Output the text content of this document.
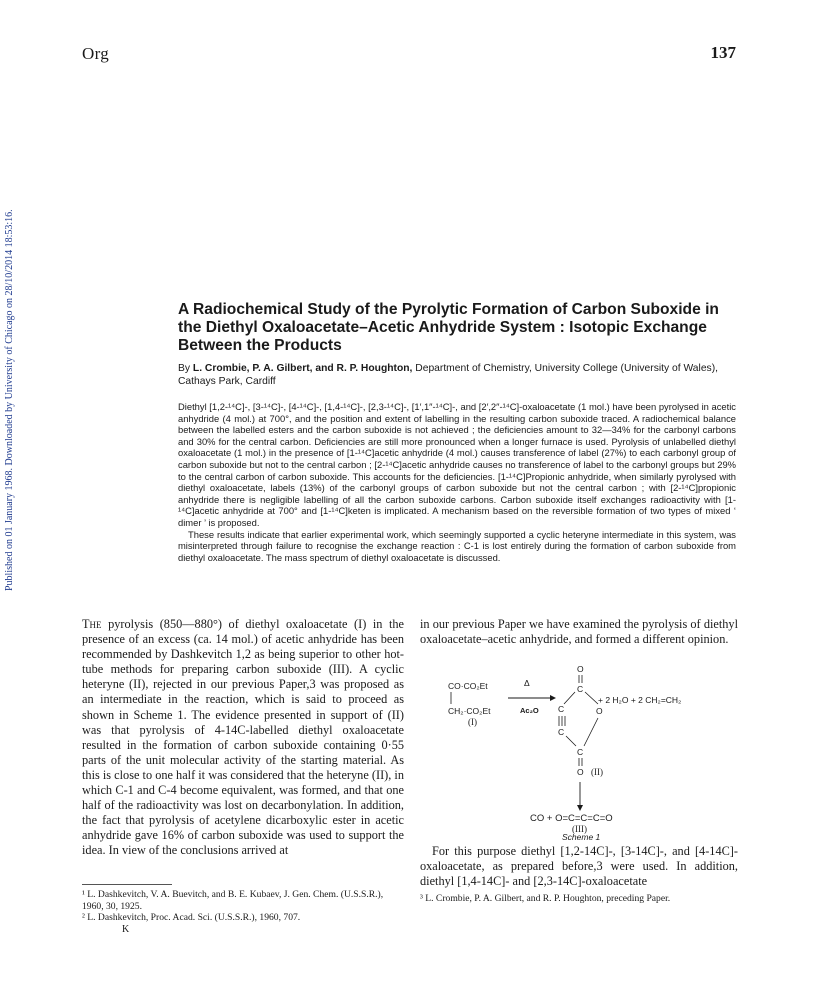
Org	137
Published on 01 January 1968. Downloaded by University of Chicago on 28/10/2014 18:53:16.	A Radiochemical Study of the Pyrolytic Formation of Carbon Suboxide in the Diethyl Oxaloacetate–Acetic Anhydride System : Isotopic Exchange Between the Products
By L. Crombie, P. A. Gilbert, and R. P. Houghton, Department of Chemistry, University College (University of Wales), Cathays Park, Cardiff

Diethyl [1,2-¹⁴C]-, [3-¹⁴C]-, [4-¹⁴C]-, [1,4-¹⁴C]-, [2,3-¹⁴C]-, [1′,1″-¹⁴C]-, and [2′,2″-¹⁴C]-oxaloacetate (1 mol.) have been pyrolysed in acetic anhydride (4 mol.) at 700°, and the position and extent of labelling in the resulting carbon suboxide traced. A radiochemical balance between the labelled esters and the carbon suboxide is not achieved ; the deficiencies amount to 32—34% for the carbonyl carbons and 30% for the central carbon. Deficiencies are still more pronounced when a longer furnace is used. Pyrolysis of unlabelled diethyl oxaloacetate (1 mol.) in the presence of [1-¹⁴C]acetic anhydride (4 mol.) causes transference of label (27%) to each carbonyl group of carbon suboxide but not to the central carbon ; [2-¹⁴C]acetic anhydride causes no transference of label to the carbonyl groups but 29% to the central carbon of carbon suboxide. This accounts for the deficiencies. [1-¹⁴C]Propionic anhydride, when similarly pyrolysed with diethyl oxaloacetate, labels (13%) of the carbonyl groups of carbon suboxide but not the central carbon ; with [2-¹⁴C]propionic anhydride there is negligible labelling of all the carbon suboxide carbons. Carbon suboxide itself exchanges radioactivity with [1-¹⁴C]acetic anhydride at 700° and [1-¹⁴C]keten is implicated. A mechanism based on the reversible formation of two types of mixed ‘ dimer ’ is proposed.

These results indicate that earlier experimental work, which seemingly supported a cyclic heteryne intermediate in this system, was misinterpreted through failure to recognise the exchange reaction : C-1 is lost entirely during the formation of carbon suboxide from diethyl oxaloacetate. The mass spectrum of diethyl oxaloacetate is discussed.

The pyrolysis (850—880°) of diethyl oxaloacetate (I) in the presence of an excess (ca. 14 mol.) of acetic anhydride has been recommended by Dashkevitch 1,2 as being superior to other hot-tube methods for preparing carbon suboxide (III). A cyclic heteryne (II), rejected in our previous Paper,3 was proposed as an intermediate in the reaction, which is said to proceed as shown in Scheme 1. The evidence presented in support of (II) was that pyrolysis of 4-14C-labelled diethyl oxaloacetate resulted in the formation of carbon suboxide containing 0·55 parts of the unit molecular activity of the starting material. As this is close to one half it was considered that the heteryne (II), in which C-1 and C-4 become equivalent, was formed, and that one half of the radioactivity was lost on decarbonylation. In addition, the fact that pyrolysis of acetylene dicarboxylic ester in acetic anhydride gave 16% of carbon suboxide was used to support the idea. In view of the conclusions arrived at

in our previous Paper we have examined the pyrolysis of diethyl oxaloacetate–acetic anhydride, and formed a different opinion.

CO·CO₂Et
CH₂·CO₂Et
(I)
Δ
Ac₂O
O
C
C	O
C
C
O (II)
+ 2 H₂O + 2 CH₂=CH₂
CO + O=C=C=C=O
(III)
Scheme 1

For this purpose diethyl [1,2-14C]-, [3-14C]-, and [4-14C]-oxaloacetate, as prepared before,3 were used. In addition, diethyl [1,4-14C]- and [2,3-14C]-oxaloacetate

¹ L. Dashkevitch, V. A. Buevitch, and B. E. Kubaev, J. Gen. Chem. (U.S.S.R.), 1960, 30, 1925.

² L. Dashkevitch, Proc. Acad. Sci. (U.S.S.R.), 1960, 707.

K

³ L. Crombie, P. A. Gilbert, and R. P. Houghton, preceding Paper.
